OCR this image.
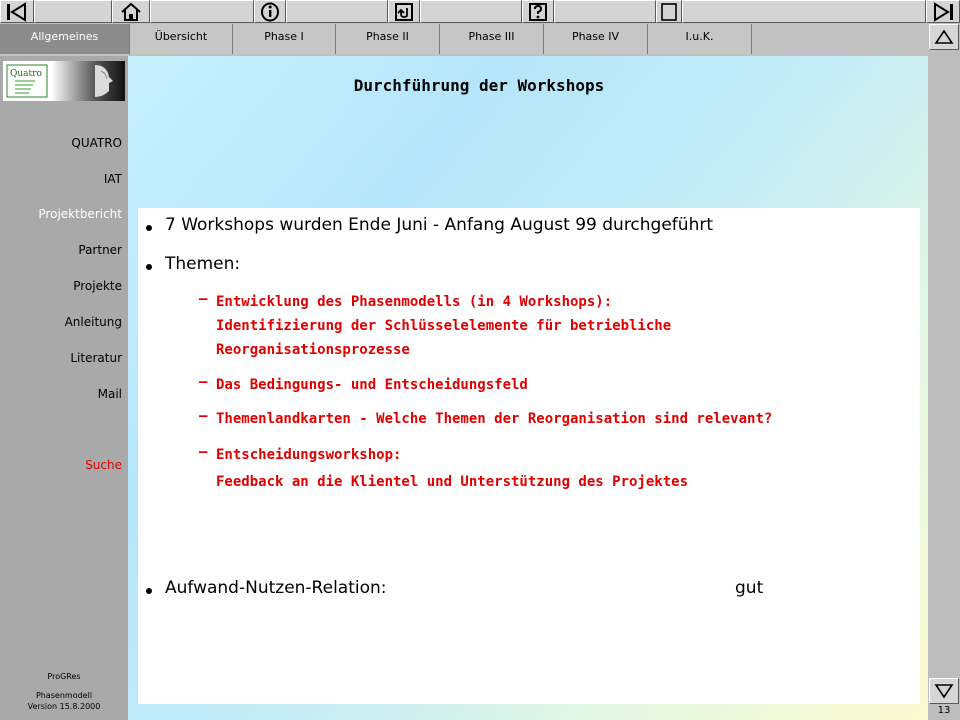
Allgemeines	Übersicht	Phase I	Phase II	Phase III	Phase IV	I.u.K.
Quatro
QUATRO
IAT
Projektbericht
Partner
Projekte
Anleitung
Literatur
Mail
Suche
ProGRes
Phasenmodell
Version 15.8.2000
Durchführung der Workshops
7 Workshops wurden Ende Juni - Anfang August 99 durchgeführt
Themen:
– Entwicklung des Phasenmodells (in 4 Workshops):
Identifizierung der Schlüsselelemente für betriebliche
Reorganisationsprozesse
– Das Bedingungs- und Entscheidungsfeld
– Themenlandkarten - Welche Themen der Reorganisation sind relevant?
– Entscheidungsworkshop:
Feedback an die Klientel und Unterstützung des Projektes
Aufwand-Nutzen-Relation:	gut
13
